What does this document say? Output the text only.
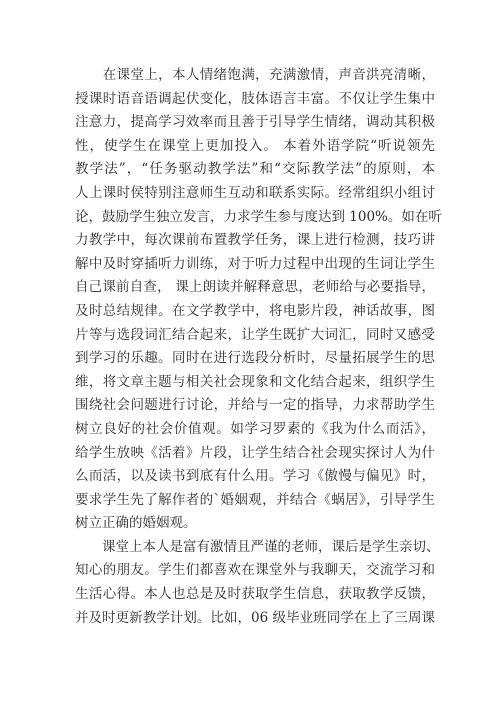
　　在课堂上，本人情绪饱满，充满激情，声音洪亮清晰，
授课时语音语调起伏变化，肢体语言丰富。不仅让学生集中
注意力，提高学习效率而且善于引导学生情绪，调动其积极
性，使学生在课堂上更加投入。 本着外语学院“听说领先
教学法”，“任务驱动教学法”和“交际教学法”的原则，本
人上课时侯特别注意师生互动和联系实际。经常组织小组讨
论，鼓励学生独立发言，力求学生参与度达到 100%。如在听
力教学中，每次课前布置教学任务，课上进行检测，技巧讲
解中及时穿插听力训练，对于听力过程中出现的生词让学生
自己课前自查， 课上朗读并解释意思，老师给与必要指导，
及时总结规律。在文学教学中，将电影片段，神话故事，图
片等与选段词汇结合起来，让学生既扩大词汇，同时又感受
到学习的乐趣。同时在进行选段分析时，尽量拓展学生的思
维，将文章主题与相关社会现象和文化结合起来，组织学生
围绕社会问题进行讨论，并给与一定的指导，力求帮助学生
树立良好的社会价值观。如学习罗素的《我为什么而活》，
给学生放映《活着》片段，让学生结合社会现实探讨人为什
么而活，以及读书到底有什么用。学习《傲慢与偏见》时，
要求学生先了解作者的`婚姻观，并结合《蜗居》，引导学生
树立正确的婚姻观。
　　课堂上本人是富有激情且严谨的老师，课后是学生亲切、
知心的朋友。学生们都喜欢在课堂外与我聊天，交流学习和
生活心得。本人也总是及时获取学生信息，获取教学反馈，
并及时更新教学计划。比如，06 级毕业班同学在上了三周课
